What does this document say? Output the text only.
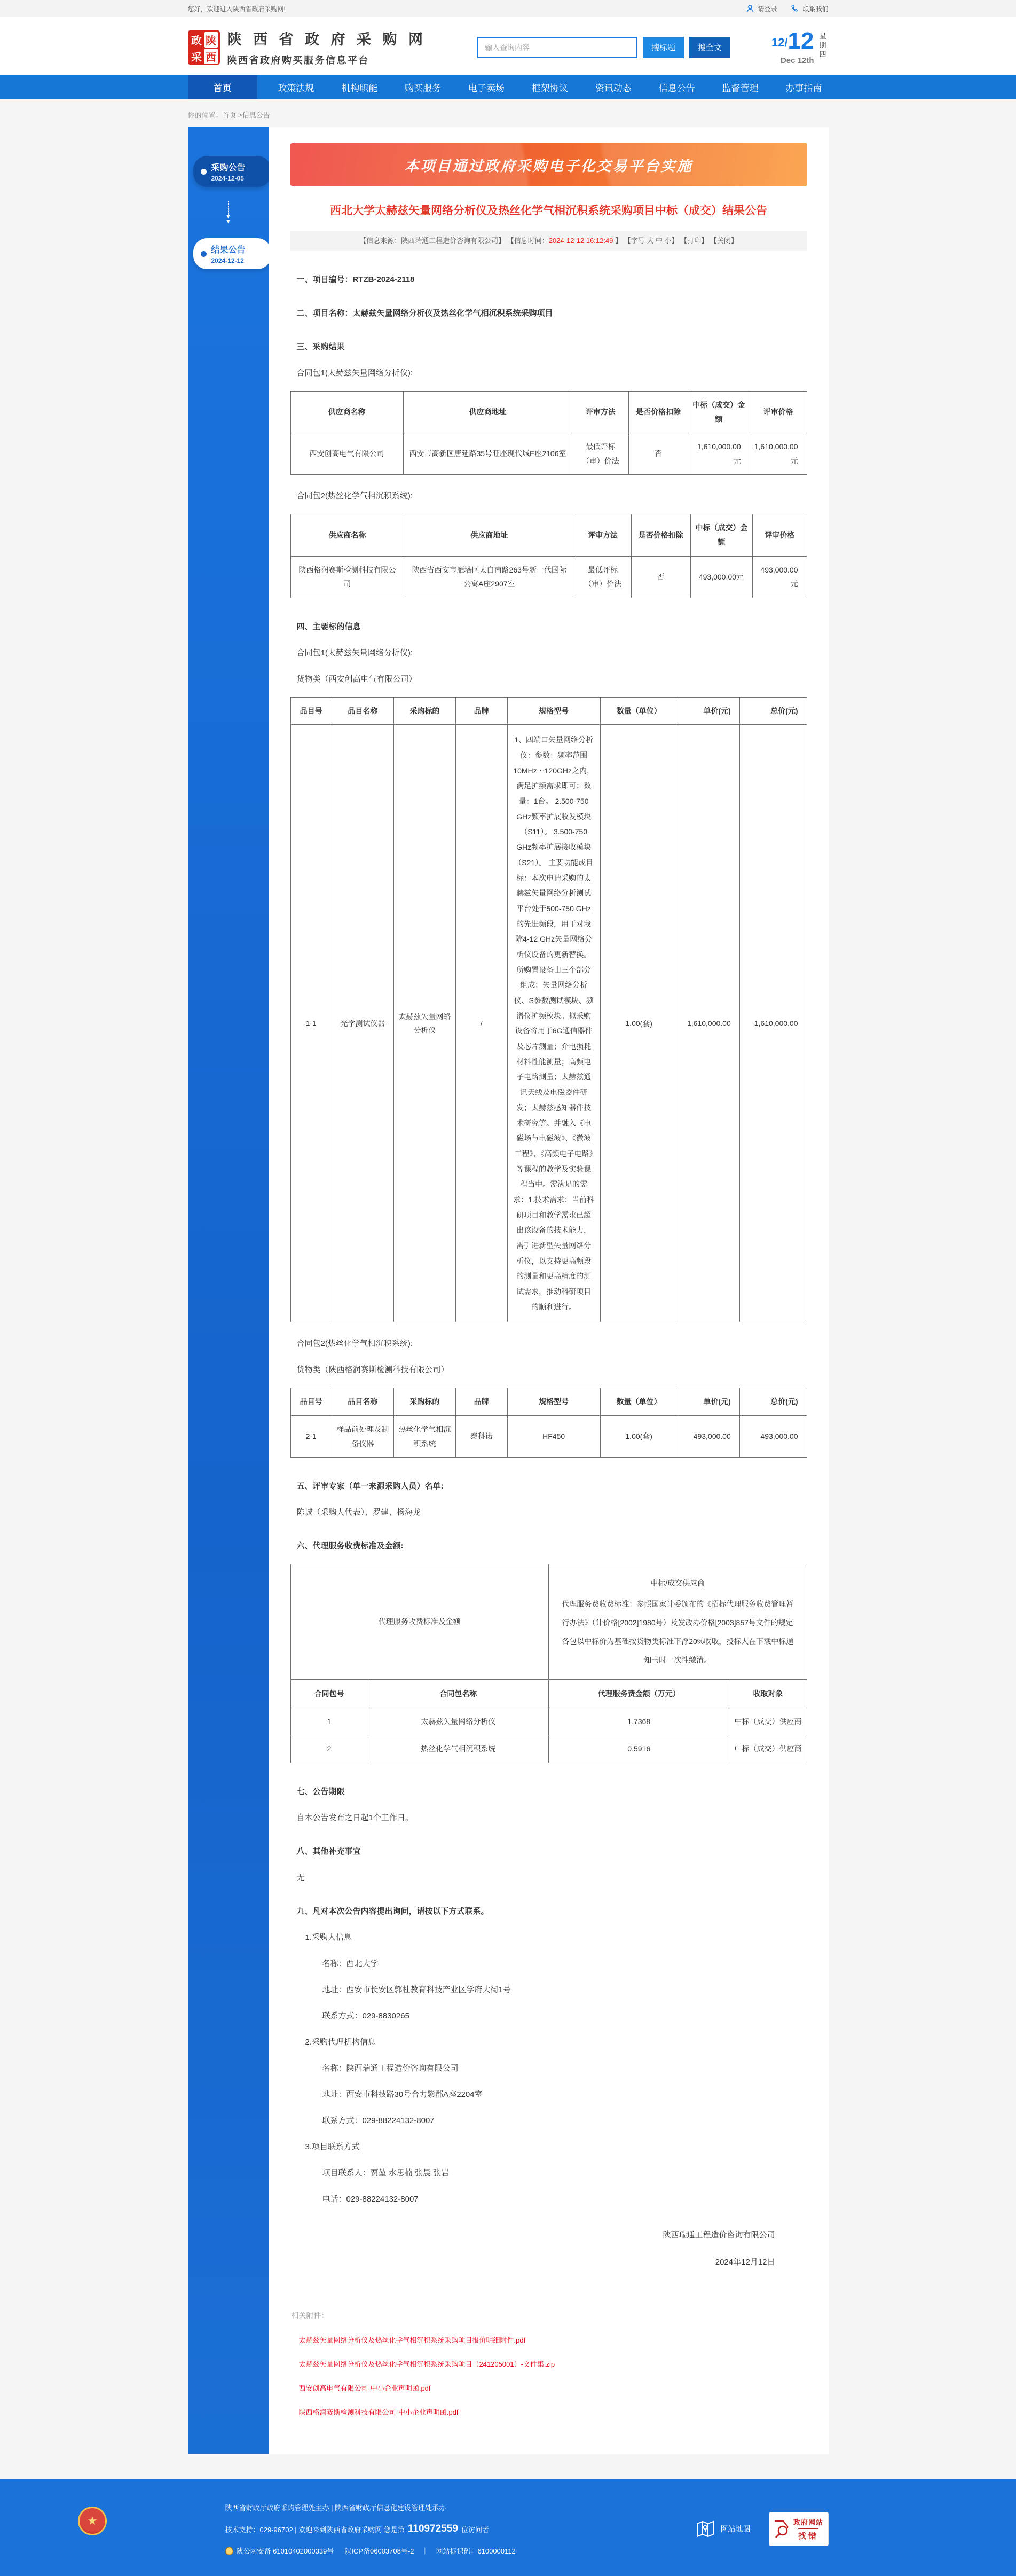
您好，欢迎进入陕西省政府采购网!	请登录	联系我们
政 陕
采 西
陕 西 省 政 府 采 购 网
陕西省政府购买服务信息平台
输入查询内容
搜标题	搜全文	12/ 12
Dec 12th
星期四
首页	政策法规	机构职能	购买服务	电子卖场	框架协议	资讯动态	信息公告	监督管理	办事指南
你的位置：首页 >信息公告
采购公告
2024-12-05
▼
▼
结果公告
2024-12-12
本项目通过政府采购电子化交易平台实施
西北大学太赫兹矢量网络分析仪及热丝化学气相沉积系统采购项目中标（成交）结果公告
【信息来源：陕西瑞通工程造价咨询有限公司】 【信息时间：2024-12-12 16:12:49 】 【字号 大 中 小】 【打印】 【关闭】
一、项目编号：RTZB-2024-2118
二、项目名称：太赫兹矢量网络分析仪及热丝化学气相沉积系统采购项目
三、采购结果
合同包1(太赫兹矢量网络分析仪):
供应商名称	供应商地址	评审方法	是否价格扣除	中标（成交）金额	评审价格
西安创高电气有限公司	西安市高新区唐延路35号旺座现代城E座2106室	最低评标（审）价法	否	1,610,000.00元	1,610,000.00元
合同包2(热丝化学气相沉积系统):
供应商名称	供应商地址	评审方法	是否价格扣除	中标（成交）金额	评审价格
陕西格润赛斯检测科技有限公司	陕西省西安市雁塔区太白南路263号新一代国际公寓A座2907室	最低评标（审）价法	否	493,000.00元	493,000.00元
四、主要标的信息
合同包1(太赫兹矢量网络分析仪):
货物类（西安创高电气有限公司）
品目号	品目名称	采购标的	品牌	规格型号	数量（单位）	单价(元)	总价(元)
1-1	光学测试仪器	太赫兹矢量网络分析仪	/	1、四端口矢量网络分析仪：参数：频率范围10MHz～120GHz之内，满足扩频需求即可；数量：1台。 2.500-750 GHz频率扩展收发模块（S11）。 3.500-750 GHz频率扩展接收模块（S21）。 主要功能或目标：本次申请采购的太赫兹矢量网络分析测试平台处于500-750 GHz的先进频段，用于对我院4-12 GHz矢量网络分析仪设备的更新替换。所购置设备由三个部分组成：矢量网络分析仪、S参数测试模块、频谱仪扩频模块。拟采购设备将用于6G通信器件及芯片测量；介电损耗材料性能测量；高频电子电路测量；太赫兹通讯天线及电磁器件研发；太赫兹感知器件技术研究等。并融入《电磁场与电磁波》、《微波工程》、《高频电子电路》等课程的教学及实验课程当中。需满足的需求：1.技术需求：当前科研项目和教学需求已超出该设备的技术能力，需引进新型矢量网络分析仪，以支持更高频段的测量和更高精度的测试需求，推动科研项目的顺利进行。	1.00(套)	1,610,000.00	1,610,000.00
合同包2(热丝化学气相沉积系统):
货物类（陕西格润赛斯检测科技有限公司）
品目号	品目名称	采购标的	品牌	规格型号	数量（单位）	单价(元)	总价(元)
2-1	样品前处理及制备仪器	热丝化学气相沉积系统	泰科诺	HF450	1.00(套)	493,000.00	493,000.00
五、评审专家（单一来源采购人员）名单:
陈诚（采购人代表）、罗建、杨海龙
六、代理服务收费标准及金额:
代理服务收费标准及金额	
中标/成交供应商
代理服务费收费标准：参照国家计委颁布的《招标代理服务收费管理暂行办法》（计价格[2002]1980号）及发改办价格[2003]857号文件的规定各包以中标价为基础按货物类标准下浮20%收取，投标人在下载中标通知书时一次性缴清。
合同包号	合同包名称	代理服务费金额（万元）	收取对象
1	太赫兹矢量网络分析仪	1.7368	中标（成交）供应商
2	热丝化学气相沉积系统	0.5916	中标（成交）供应商
七、公告期限
自本公告发布之日起1个工作日。
八、其他补充事宜
无
九、凡对本次公告内容提出询问，请按以下方式联系。
1.采购人信息
名称：西北大学
地址：西安市长安区郭杜教育科技产业区学府大街1号
联系方式：029-8830265
2.采购代理机构信息
名称：陕西瑞通工程造价咨询有限公司
地址：西安市科技路30号合力紫郡A座2204室
联系方式：029-88224132-8007
3.项目联系方式
项目联系人：贾堃 水思楠 张晨 张岩
电话：029-88224132-8007
陕西瑞通工程造价咨询有限公司
2024年12月12日
相关附件：
太赫兹矢量网络分析仪及热丝化学气相沉积系统采购项目报价明细附件.pdf
太赫兹矢量网络分析仪及热丝化学气相沉积系统采购项目（241205001）-文件集.zip
西安创高电气有限公司-中小企业声明函.pdf
陕西格润赛斯检测科技有限公司-中小企业声明函.pdf
★
陕西省财政厅政府采购管理处主办 | 陕西省财政厅信息化建设管理处承办
技术支持：029-96702 | 欢迎来到陕西省政府采购网 您是第 110972559 位访问者
陕公网安备 61010402000339号 陕ICP备06003708号-2 ｜ 网站标识码：6100000112
网站地图
政府网站
找错
